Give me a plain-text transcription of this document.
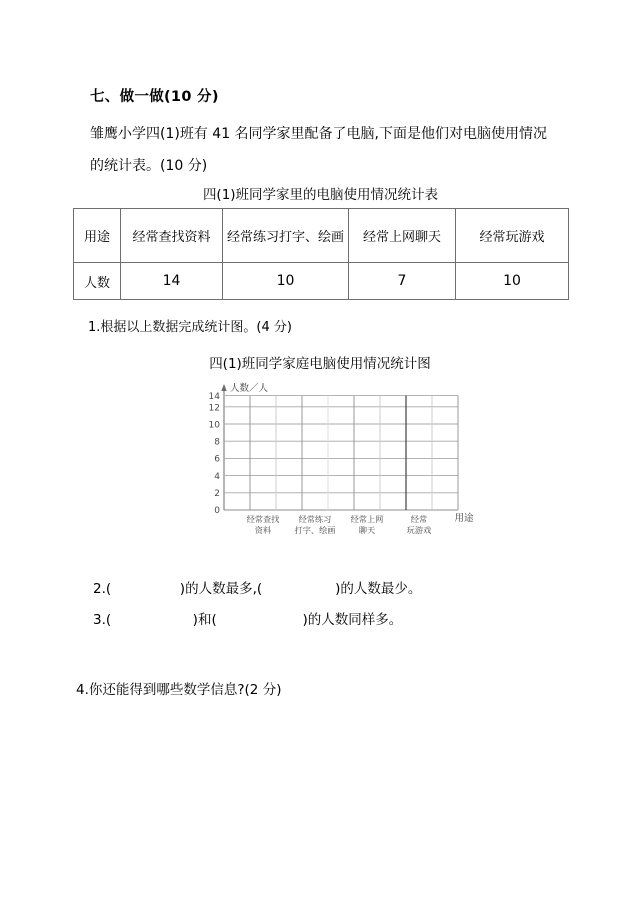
七、做一做(10 分)
雏鹰小学四(1)班有 41 名同学家里配备了电脑,下面是他们对电脑使用情况的统计表。(10 分)
四(1)班同学家里的电脑使用情况统计表
用途	经常查找资料	经常练习打字、绘画	经常上网聊天	经常玩游戏
人数	14	10	7	10
1.根据以上数据完成统计图。(4 分)
四(1)班同学家庭电脑使用情况统计图
人数／人
0
2
4
6
8
10
12
14
经常查找
资料
经常练习
打字、绘画
经常上网
聊天
经常
玩游戏
用途
2.(                )的人数最多,(                 )的人数最少。
3.(                   )和(                    )的人数同样多。
4.你还能得到哪些数学信息?(2 分)
